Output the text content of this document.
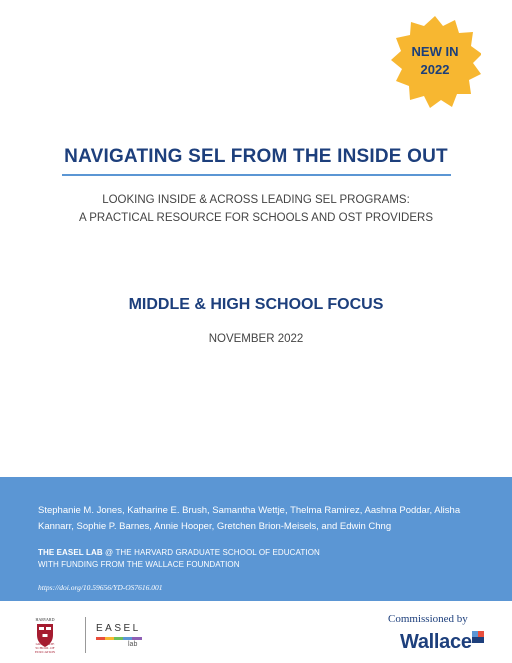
NEW IN
2022
NAVIGATING SEL FROM THE INSIDE OUT
LOOKING INSIDE & ACROSS LEADING SEL PROGRAMS:
A PRACTICAL RESOURCE FOR SCHOOLS AND OST PROVIDERS
MIDDLE & HIGH SCHOOL FOCUS
NOVEMBER 2022
Stephanie M. Jones, Katharine E. Brush, Samantha Wettje, Thelma Ramirez, Aashna Poddar, Alisha Kannarr, Sophie P. Barnes, Annie Hooper, Gretchen Brion-Meisels, and Edwin Chng
THE EASEL LAB @ THE HARVARD GRADUATE SCHOOL OF EDUCATION
WITH FUNDING FROM THE WALLACE FOUNDATION
https://doi.org/10.59656/YD-OS7616.001
HARVARD
GRADUATE SCHOOL OF EDUCATION
EASEL
lab
Commissioned by
Wallace
